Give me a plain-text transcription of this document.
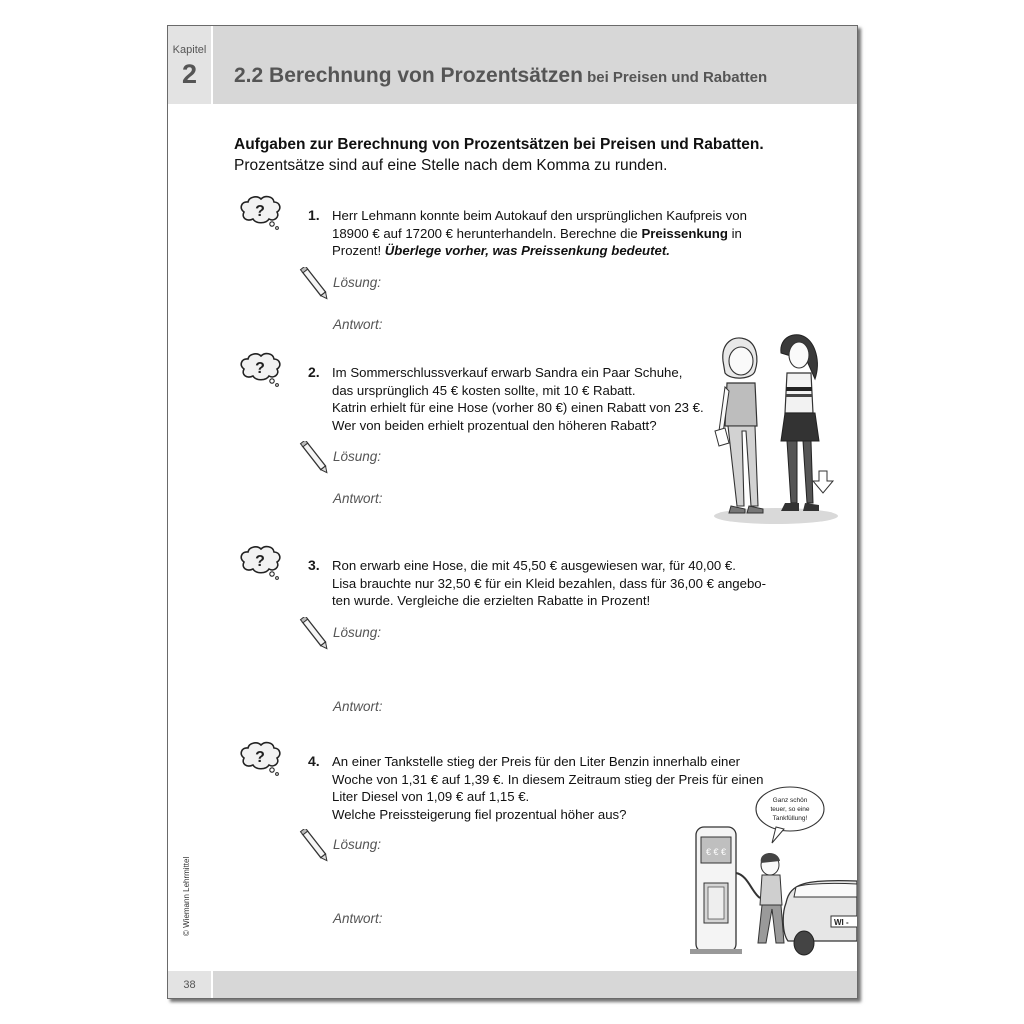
Kapitel
2	2.2 Berechnung von Prozentsätzen bei Preisen und Rabatten
Aufgaben zur Berechnung von Prozentsätzen bei Preisen und Rabatten.
Prozentsätze sind auf eine Stelle nach dem Komma zu runden.
?	1. Herr Lehmann konnte beim Autokauf den ursprünglichen Kaufpreis von
18900 € auf 17200 € herunterhandeln. Berechne die Preissenkung in
Prozent! Überlege vorher, was Preissenkung bedeutet.
Lösung:
Antwort:
?	2. Im Sommerschlussverkauf erwarb Sandra ein Paar Schuhe,
das ursprünglich 45 € kosten sollte, mit 10 € Rabatt.
Katrin erhielt für eine Hose (vorher 80 €) einen Rabatt von 23 €.
Wer von beiden erhielt prozentual den höheren Rabatt?
Lösung:
Antwort:
?	3. Ron erwarb eine Hose, die mit 45,50 € ausgewiesen war, für 40,00 €.
Lisa brauchte nur 32,50 € für ein Kleid bezahlen, dass für 36,00 € angebo-
ten wurde. Vergleiche die erzielten Rabatte in Prozent!
Lösung:
Antwort:
?	4. An einer Tankstelle stieg der Preis für den Liter Benzin innerhalb einer
Woche von 1,31 € auf 1,39 €. In diesem Zeitraum stieg der Preis für einen
Liter Diesel von 1,09 € auf 1,15 €.
Welche Preissteigerung fiel prozentual höher aus?
Lösung:
Antwort:
Ganz schön
teuer, so eine
Tankfüllung!
€ € €
WI -
© Wiemann Lehrmittel
38
